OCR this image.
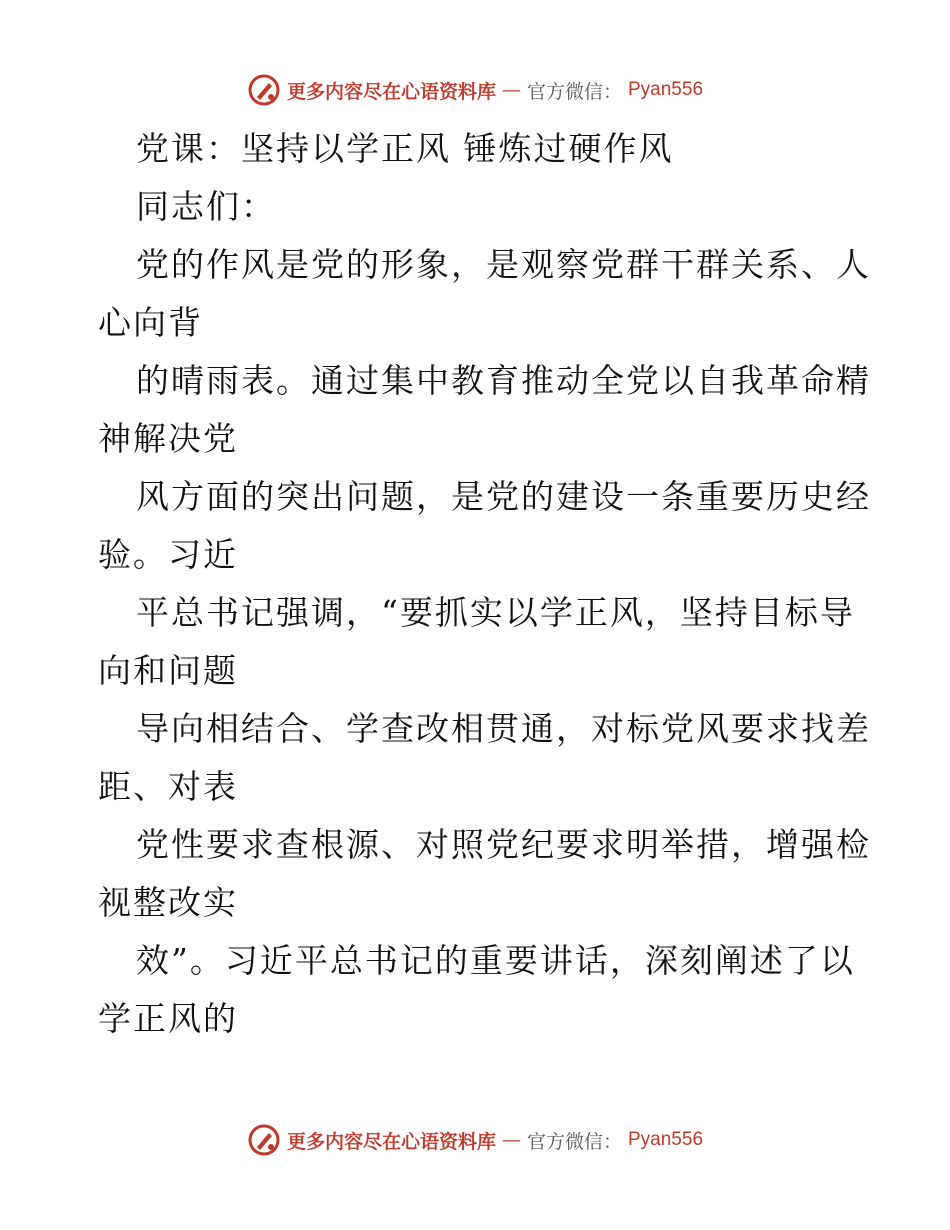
更多内容尽在心语资料库 — 官方微信： Pyan556
党课：坚持以学正风 锤炼过硬作风
同志们：
党的作风是党的形象，是观察党群干群关系、人
心向背
的晴雨表。通过集中教育推动全党以自我革命精
神解决党
风方面的突出问题，是党的建设一条重要历史经
验。习近
平总书记强调，“要抓实以学正风，坚持目标导
向和问题
导向相结合、学查改相贯通，对标党风要求找差
距、对表
党性要求查根源、对照党纪要求明举措，增强检
视整改实
效”。习近平总书记的重要讲话，深刻阐述了以
学正风的
更多内容尽在心语资料库 — 官方微信： Pyan556
